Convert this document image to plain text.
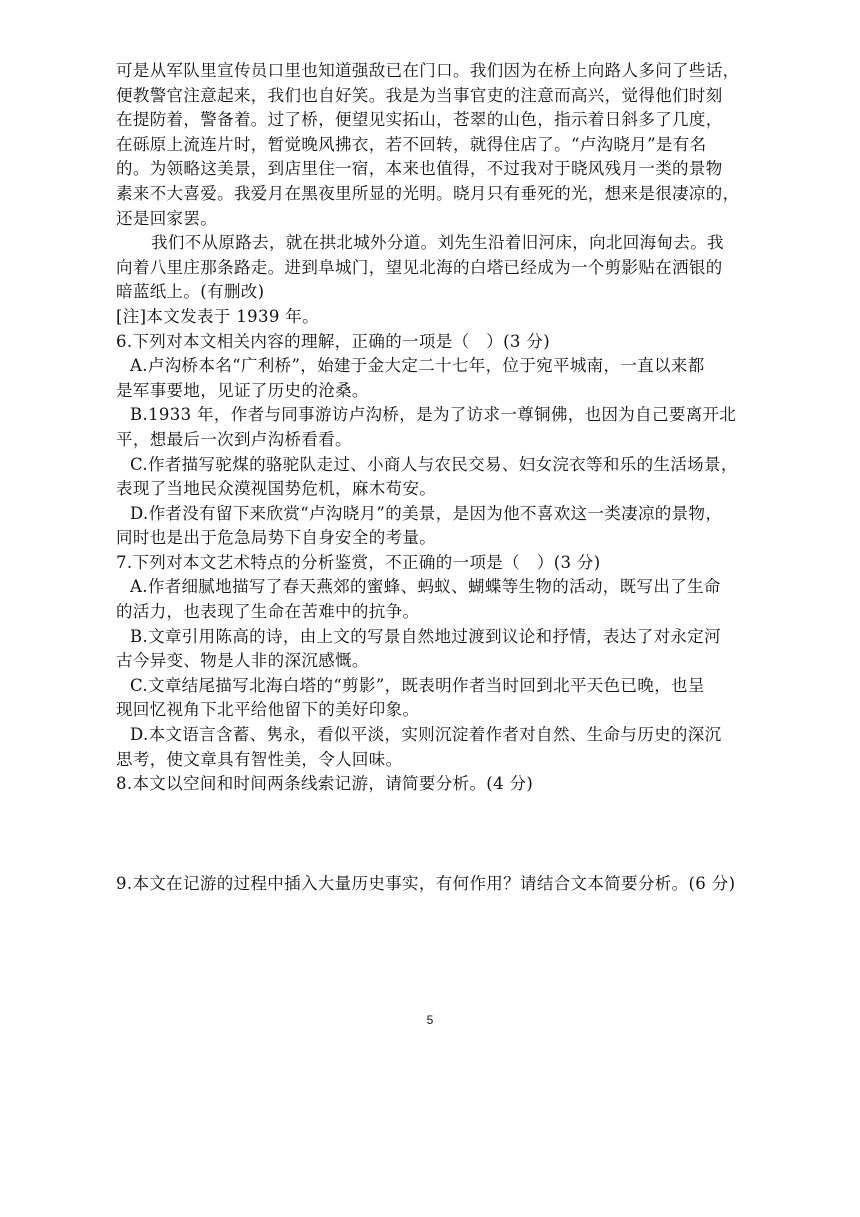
可是从军队里宣传员口里也知道强敌已在门口。我们因为在桥上向路人多问了些话，
便教警官注意起来，我们也自好笑。我是为当事官吏的注意而高兴，觉得他们时刻
在提防着，警备着。过了桥，便望见实拓山，苍翠的山色，指示着日斜多了几度，
在砾原上流连片时，暂觉晚风拂衣，若不回转，就得住店了。“卢沟晓月”是有名
的。为领略这美景，到店里住一宿，本来也值得，不过我对于晓风残月一类的景物
素来不大喜爱。我爱月在黑夜里所显的光明。晓月只有垂死的光，想来是很凄凉的，
还是回家罢。
我们不从原路去，就在拱北城外分道。刘先生沿着旧河床，向北回海甸去。我
向着八里庄那条路走。进到阜城门，望见北海的白塔已经成为一个剪影贴在洒银的
暗蓝纸上。(有删改)
[注]本文发表于 1939 年。
6.下列对本文相关内容的理解，正确的一项是（　）(3 分)
A.卢沟桥本名“广利桥”，始建于金大定二十七年，位于宛平城南，一直以来都
是军事要地，见证了历史的沧桑。
B.1933 年，作者与同事游访卢沟桥，是为了访求一尊铜佛，也因为自己要离开北
平，想最后一次到卢沟桥看看。
C.作者描写驼煤的骆驼队走过、小商人与农民交易、妇女浣衣等和乐的生活场景，
表现了当地民众漠视国势危机，麻木苟安。
D.作者没有留下来欣赏“卢沟晓月”的美景，是因为他不喜欢这一类凄凉的景物，
同时也是出于危急局势下自身安全的考量。
7.下列对本文艺术特点的分析鉴赏，不正确的一项是（　）(3 分)
A.作者细腻地描写了春天燕郊的蜜蜂、蚂蚁、蝴蝶等生物的活动，既写出了生命
的活力，也表现了生命在苦难中的抗争。
B.文章引用陈高的诗，由上文的写景自然地过渡到议论和抒情，表达了对永定河
古今异变、物是人非的深沉感慨。
C.文章结尾描写北海白塔的“剪影”，既表明作者当时回到北平天色已晚，也呈
现回忆视角下北平给他留下的美好印象。
D.本文语言含蓄、隽永，看似平淡，实则沉淀着作者对自然、生命与历史的深沉
思考，使文章具有智性美，令人回味。
8.本文以空间和时间两条线索记游，请简要分析。(4 分)
9.本文在记游的过程中插入大量历史事实，有何作用？请结合文本简要分析。(6 分)
5
